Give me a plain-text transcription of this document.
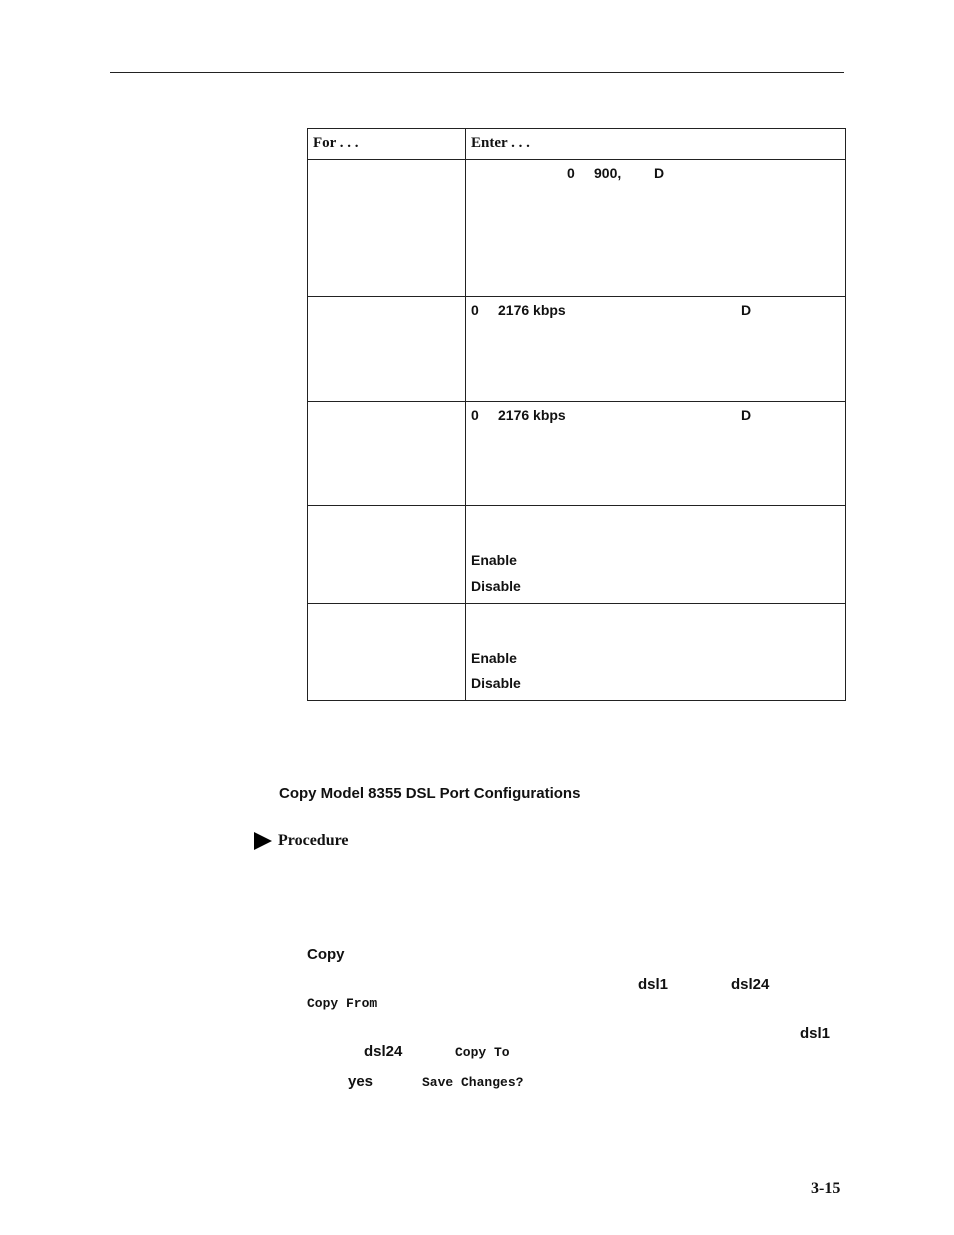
For . . .	Enter . . .

	0 900, D

	0 2176 kbps D

	0 2176 kbps D

	Enable
Disable

	Enable
Disable
Copy Model 8355 DSL Port Configurations
Procedure
Copy
dsl1	dsl24
Copy From
dsl1
dsl24	Copy To
yes	Save Changes?
3-15
